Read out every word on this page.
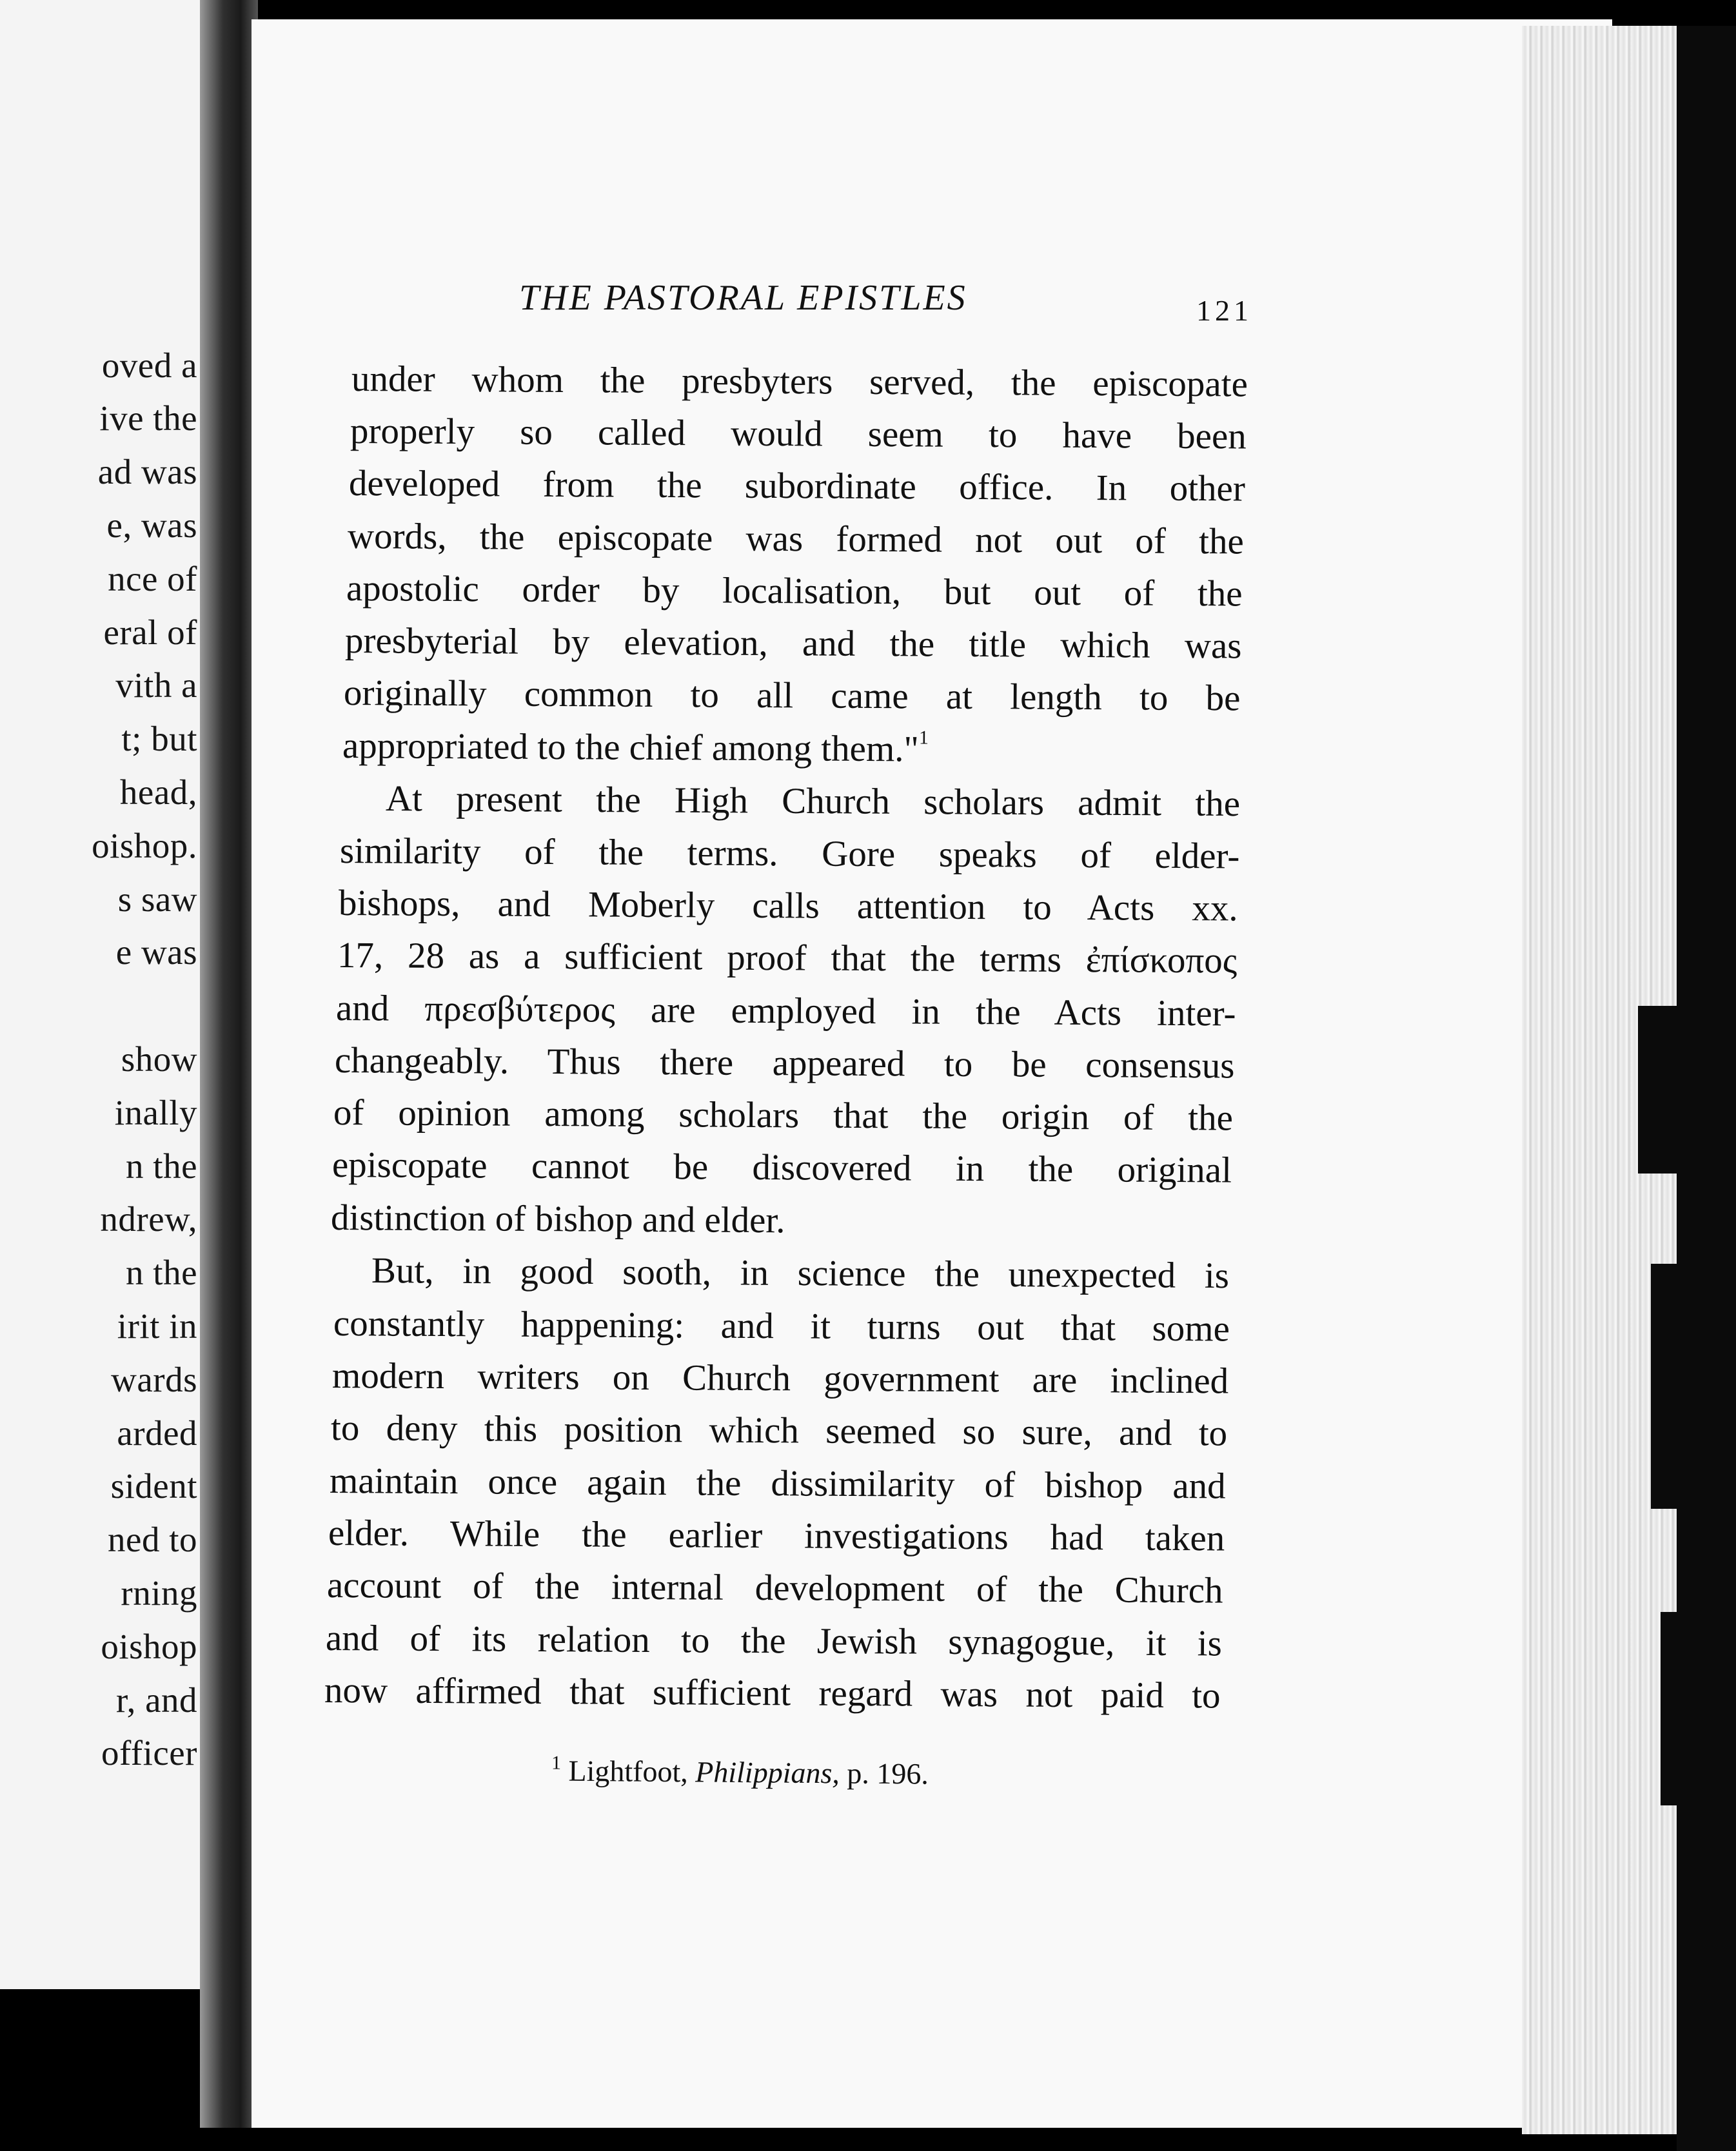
oved a
ive the
ad was
e, was
nce of
eral of
vith a
t; but
head,
oishop.
s saw
e was
show
inally
n the
ndrew,
n the
irit in
wards
arded
sident
ned to
rning
oishop
r, and
officer
THE PASTORAL EPISTLES	121
under whom the presbyters served, the episcopate
properly so called would seem to have been
developed from the subordinate office. In other
words, the episcopate was formed not out of the
apostolic order by localisation, but out of the
presbyterial by elevation, and the title which was
originally common to all came at length to be
appropriated to the chief among them."$^1$
At present the High Church scholars admit the
similarity of the terms. Gore speaks of elder-
bishops, and Moberly calls attention to Acts xx.
17, 28 as a sufficient proof that the terms ἐπίσκοπος
and πρεσβύτερος are employed in the Acts inter-
changeably. Thus there appeared to be consensus
of opinion among scholars that the origin of the
episcopate cannot be discovered in the original
distinction of bishop and elder.
But, in good sooth, in science the unexpected is
constantly happening: and it turns out that some
modern writers on Church government are inclined
to deny this position which seemed so sure, and to
maintain once again the dissimilarity of bishop and
elder. While the earlier investigations had taken
account of the internal development of the Church
and of its relation to the Jewish synagogue, it is
now affirmed that sufficient regard was not paid to
$^1$ Lightfoot, Philippians, p. 196.
